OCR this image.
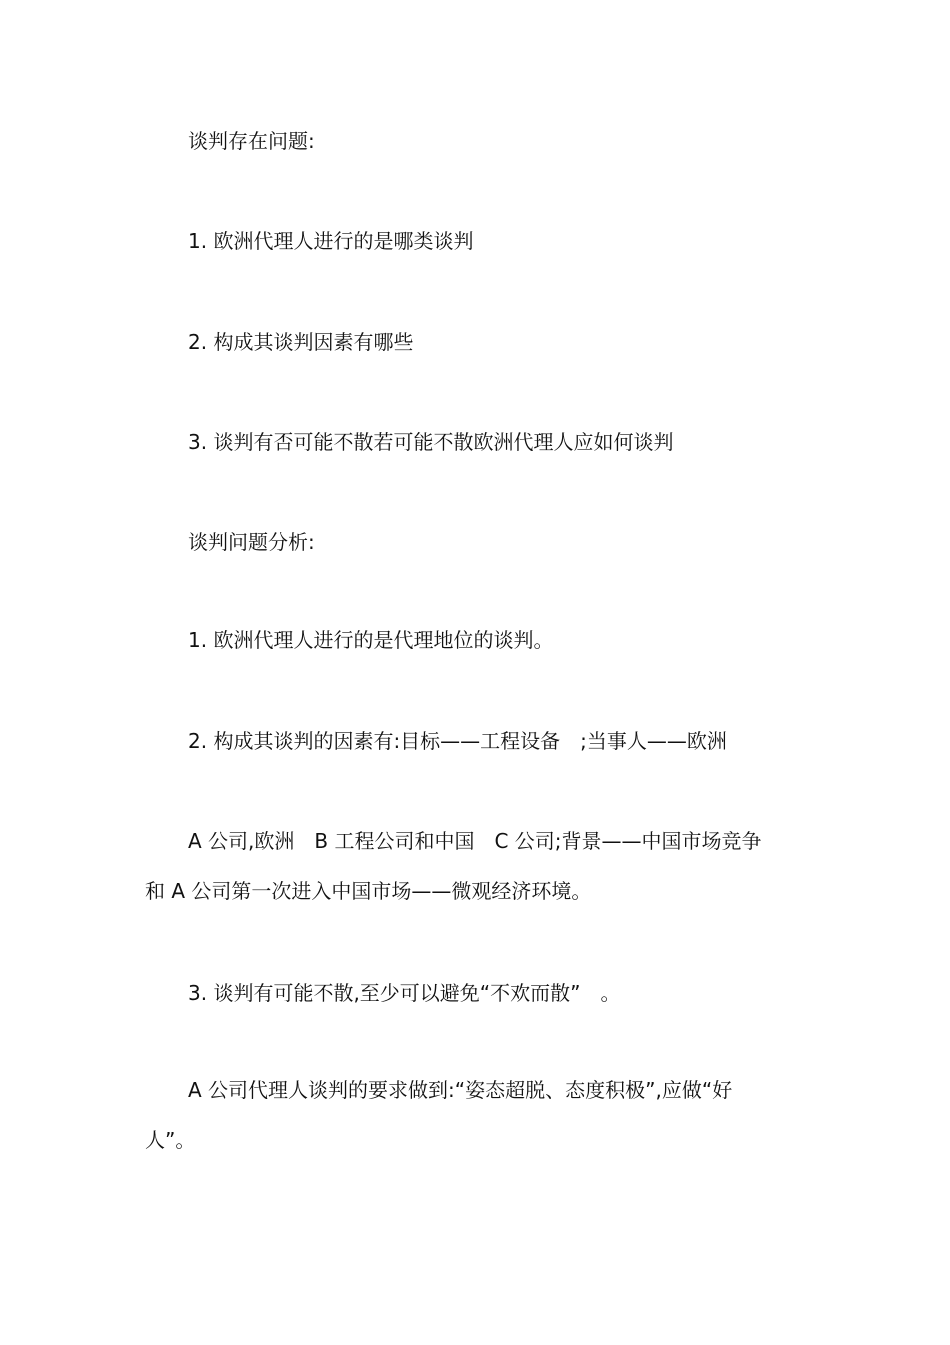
谈判存在问题:

1. 欧洲代理人进行的是哪类谈判

2. 构成其谈判因素有哪些

3. 谈判有否可能不散若可能不散欧洲代理人应如何谈判

谈判问题分析:

1. 欧洲代理人进行的是代理地位的谈判。

2. 构成其谈判的因素有:目标——工程设备　;当事人——欧洲

A 公司,欧洲　B 工程公司和中国　C 公司;背景——中国市场竞争
和 A 公司第一次进入中国市场——微观经济环境。

3. 谈判有可能不散,至少可以避免“不欢而散”　。

A 公司代理人谈判的要求做到:“姿态超脱、态度积极”,应做“好
人”。
